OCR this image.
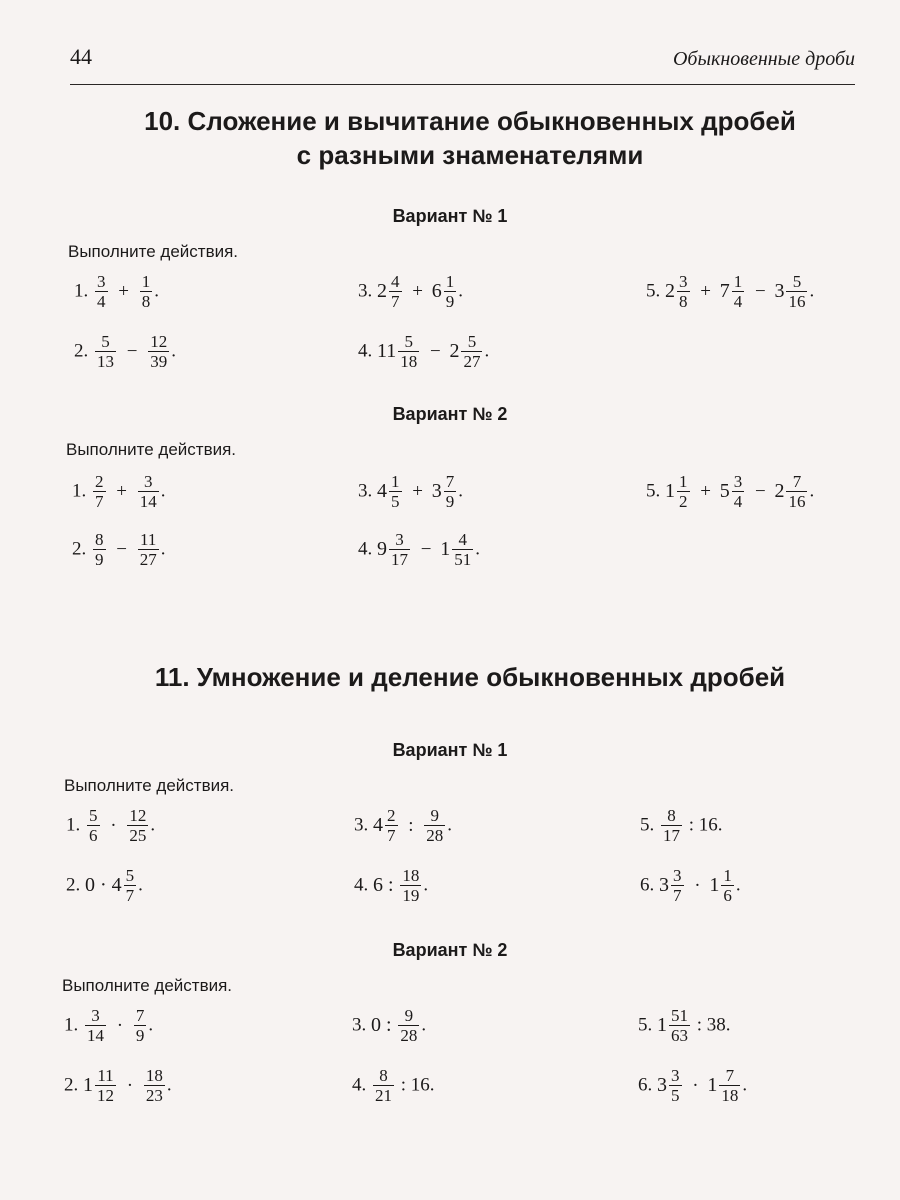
44	Обыкновенные дроби
10. Сложение и вычитание обыкновенных дробей
с разными знаменателями
Вариант № 1
Выполните действия.
1. $\frac{3}{4} + \frac{1}{8}$ .
2. $\frac{5}{13} - \frac{12}{39}$ .
3. $2 \frac{4}{7} + 6 \frac{1}{9}$ .
4. $11 \frac{5}{18} - 2 \frac{5}{27}$ .
5. $2 \frac{3}{8} + 7 \frac{1}{4} - 3 \frac{5}{16}$ .
Вариант № 2
Выполните действия.
1. $\frac{2}{7} + \frac{3}{14}$ .
2. $\frac{8}{9} - \frac{11}{27}$ .
3. $4 \frac{1}{5} + 3 \frac{7}{9}$ .
4. $9 \frac{3}{17} - 1 \frac{4}{51}$ .
5. $1 \frac{1}{2} + 5 \frac{3}{4} - 2 \frac{7}{16}$ .
11. Умножение и деление обыкновенных дробей
Вариант № 1
Выполните действия.
1. $\frac{5}{6} \cdot \frac{12}{25}$ .
2. $0 \cdot 4 \frac{5}{7}$ .
3. $4 \frac{2}{7}$ : $\frac{9}{28}$ .
4. 6 : $\frac{18}{19}$ .
5. $\frac{8}{17}$ : 16.
6. $3 \frac{3}{7} \cdot 1 \frac{1}{6}$ .
Вариант № 2
Выполните действия.
1. $\frac{3}{14} \cdot \frac{7}{9}$ .
2. $1 \frac{11}{12} \cdot \frac{18}{23}$ .
3. 0 : $\frac{9}{28}$ .
4. $\frac{8}{21}$ : 16.
5. $1 \frac{51}{63}$ : 38.
6. $3 \frac{3}{5} \cdot 1 \frac{7}{18}$ .
